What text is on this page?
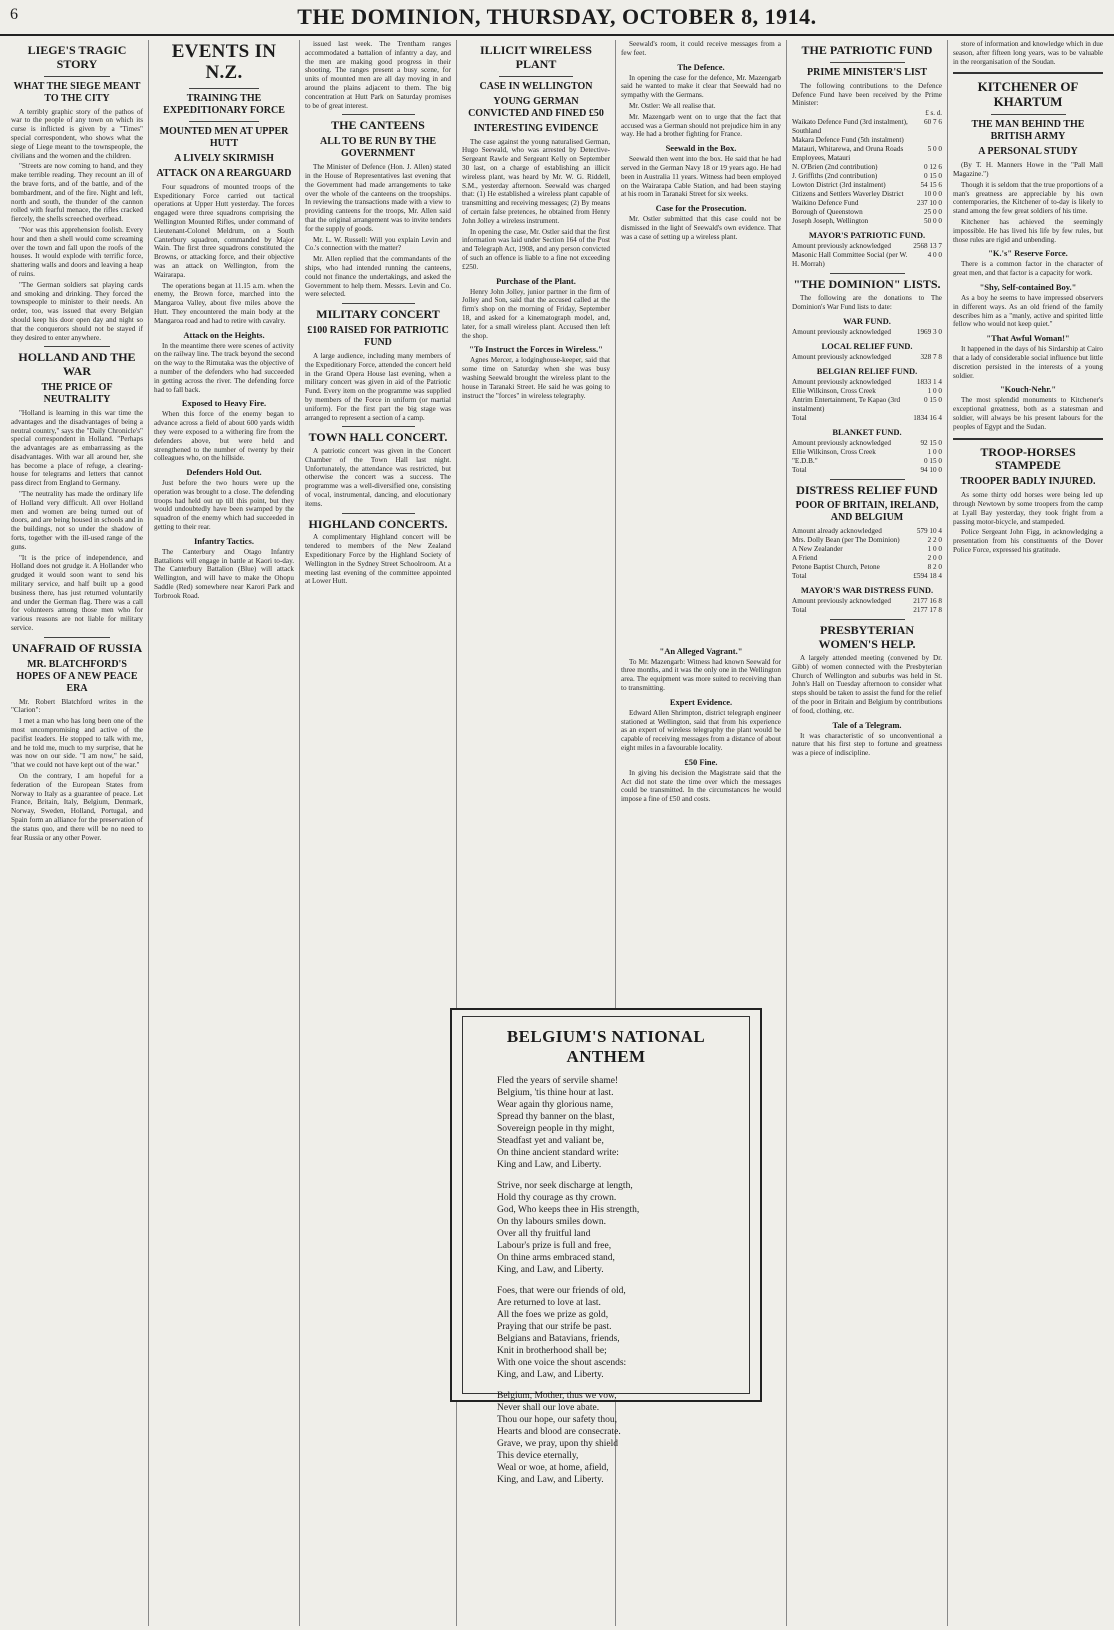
6	THE DOMINION, THURSDAY, OCTOBER 8, 1914.
LIEGE'S TRAGIC STORY
WHAT THE SIEGE MEANT TO THE CITY

A terribly graphic story of the pathos of war to the people of any town on which its curse is inflicted is given by a "Times" special correspondent, who shows what the siege of Liege meant to the townspeople, the civilians and the women and the children.

"Streets are now coming to hand, and they make terrible reading. They recount an ill of the brave forts, and of the battle, and of the bombardment, and of the fire. Night and left, north and south, the thunder of the cannon rolled with fearful menace, the rifles cracked fiercely, the shells screeched overhead.

"Nor was this apprehension foolish. Every hour and then a shell would come screaming over the town and fall upon the roofs of the houses. It would explode with terrific force, shattering walls and doors and leaving a heap of ruins.

"The German soldiers sat playing cards and smoking and drinking. They forced the townspeople to minister to their needs. An order, too, was issued that every Belgian should keep his door open day and night so that the conquerors should not be stayed if they desired to enter anywhere.

HOLLAND AND THE WAR
THE PRICE OF NEUTRALITY

"Holland is learning in this war time the advantages and the disadvantages of being a neutral country," says the "Daily Chronicle's" special correspondent in Holland. "Perhaps the advantages are as embarrassing as the disadvantages. With war all around her, she has become a place of refuge, a clearing-house for telegrams and letters that cannot pass direct from England to Germany.

"The neutrality has made the ordinary life of Holland very difficult. All over Holland men and women are being turned out of doors, and are being housed in schools and in the buildings, not so under the shadow of forts, together with the ill-used range of the guns.

"It is the price of independence, and Holland does not grudge it. A Hollander who grudged it would soon want to send his military service, and half built up a good business there, has just returned voluntarily and under the German flag. There was a call for volunteers among those men who for various reasons are not liable for military service.

UNAFRAID OF RUSSIA
MR. BLATCHFORD'S HOPES OF A NEW PEACE ERA

Mr. Robert Blatchford writes in the "Clarion":

I met a man who has long been one of the most uncompromising and active of the pacifist leaders. He stopped to talk with me, and he told me, much to my surprise, that he was now on our side. "I am now," he said, "that we could not have kept out of the war."

On the contrary, I am hopeful for a federation of the European States from Norway to Italy as a guarantee of peace. Let France, Britain, Italy, Belgium, Denmark, Norway, Sweden, Holland, Portugal, and Spain form an alliance for the preservation of the status quo, and there will be no need to fear Russia or any other Power.

EVENTS IN N.Z.
TRAINING THE EXPEDITIONARY FORCE
MOUNTED MEN AT UPPER HUTT
A LIVELY SKIRMISH
ATTACK ON A REARGUARD

Four squadrons of mounted troops of the Expeditionary Force carried out tactical operations at Upper Hutt yesterday. The forces engaged were three squadrons comprising the Wellington Mounted Rifles, under command of Lieutenant-Colonel Meldrum, on a South Canterbury squadron, commanded by Major Wain. The first three squadrons constituted the Browns, or attacking force, and their objective was an attack on Wellington, from the Wairarapa.

The operations began at 11.15 a.m. when the enemy, the Brown force, marched into the Mangaroa Valley, about five miles above the Hutt. They encountered the main body at the Mangaroa road and had to retire with cavalry.

Attack on the Heights.

In the meantime there were scenes of activity on the railway line. The track beyond the second on the way to the Rimutaka was the objective of a number of the defenders who had succeeded in getting across the river. The defending force had to fall back.

Exposed to Heavy Fire.

When this force of the enemy began to advance across a field of about 600 yards width they were exposed to a withering fire from the defenders above, but were held and strengthened to the number of twenty by their colleagues who, on the hillside.

Defenders Hold Out.

Just before the two hours were up the operation was brought to a close. The defending troops had held out up till this point, but they would undoubtedly have been swamped by the squadron of the enemy which had succeeded in getting to their rear.

Infantry Tactics.

The Canterbury and Otago Infantry Battalions will engage in battle at Kaori to-day. The Canterbury Battalion (Blue) will attack Wellington, and will have to make the Ohopu Saddle (Red) somewhere near Karori Park and Torbrook Road.

issued last week. The Trentham ranges accommodated a battalion of infantry a day, and the men are making good progress in their shooting. The ranges present a busy scene, for units of mounted men are all day moving in and around the plains adjacent to them. The big concentration at Hutt Park on Saturday promises to be of great interest.

THE CANTEENS
ALL TO BE RUN BY THE GOVERNMENT

The Minister of Defence (Hon. J. Allen) stated in the House of Representatives last evening that the Government had made arrangements to take over the whole of the canteens on the troopships. In reviewing the transactions made with a view to providing canteens for the troops, Mr. Allen said that the original arrangement was to invite tenders for the supply of goods.

Mr. L. W. Russell: Will you explain Levin and Co.'s connection with the matter?

Mr. Allen replied that the commandants of the ships, who had intended running the canteens, could not finance the undertakings, and asked the Government to help them. Messrs. Levin and Co. were selected.

MILITARY CONCERT
£100 RAISED FOR PATRIOTIC FUND

A large audience, including many members of the Expeditionary Force, attended the concert held in the Grand Opera House last evening, when a military concert was given in aid of the Patriotic Fund. Every item on the programme was supplied by members of the Force in uniform (or martial uniform). For the first part the big stage was arranged to represent a section of a camp.

TOWN HALL CONCERT.

A patriotic concert was given in the Concert Chamber of the Town Hall last night. Unfortunately, the attendance was restricted, but otherwise the concert was a success. The programme was a well-diversified one, consisting of vocal, instrumental, dancing, and elocutionary items.

HIGHLAND CONCERTS.

A complimentary Highland concert will be tendered to members of the New Zealand Expeditionary Force by the Highland Society of Wellington in the Sydney Street Schoolroom. At a meeting last evening of the committee appointed at Lower Hutt.

ILLICIT WIRELESS PLANT
CASE IN WELLINGTON
YOUNG GERMAN CONVICTED AND FINED £50
INTERESTING EVIDENCE

The case against the young naturalised German, Hugo Seewald, who was arrested by Detective-Sergeant Rawle and Sergeant Kelly on September 30 last, on a charge of establishing an illicit wireless plant, was heard by Mr. W. G. Riddell, S.M., yesterday afternoon. Seewald was charged that: (1) He established a wireless plant capable of transmitting and receiving messages; (2) By means of certain false pretences, he obtained from Henry John Jolley a wireless instrument.

In opening the case, Mr. Ostler said that the first information was laid under Section 164 of the Post and Telegraph Act, 1908, and any person convicted of such an offence is liable to a fine not exceeding £250.

Purchase of the Plant.

Henry John Jolley, junior partner in the firm of Jolley and Son, said that the accused called at the firm's shop on the morning of Friday, September 18, and asked for a kinematograph model, and, later, for a small wireless plant. Accused then left the shop.

"To Instruct the Forces in Wireless."

Agnes Mercer, a lodginghouse-keeper, said that some time on Saturday when she was busy washing Seewald brought the wireless plant to the house in Taranaki Street. He said he was going to instruct the "forces" in wireless telegraphy.

Seewald's room, it could receive messages from a few feet.

The Defence.

In opening the case for the defence, Mr. Mazengarb said he wanted to make it clear that Seewald had no sympathy with the Germans.

Mr. Ostler: We all realise that.

Mr. Mazengarb went on to urge that the fact that accused was a German should not prejudice him in any way. He had a brother fighting for France.

Seewald in the Box.

Seewald then went into the box. He said that he had served in the German Navy 18 or 19 years ago. He had been in Australia 11 years. Witness had been employed on the Wairarapa Cable Station, and had been staying at his room in Taranaki Street for six weeks.

Case for the Prosecution.

Mr. Ostler submitted that this case could not be dismissed in the light of Seewald's own evidence. That was a case of setting up a wireless plant.

"An Alleged Vagrant."

To Mr. Mazengarb: Witness had known Seewald for three months, and it was the only one in the Wellington area. The equipment was more suited to receiving than to transmitting.

Expert Evidence.

Edward Allen Shrimpton, district telegraph engineer stationed at Wellington, said that from his experience as an expert of wireless telegraphy the plant would be capable of receiving messages from a distance of about eight miles in a favourable locality.

£50 Fine.

In giving his decision the Magistrate said that the Act did not state the time over which the messages could be transmitted. In the circumstances he would impose a fine of £50 and costs.

THE PATRIOTIC FUND
PRIME MINISTER'S LIST

The following contributions to the Defence Defence Fund have been received by the Prime Minister:

£ s. d.
Waikato Defence Fund (3rd instalment), Southland	60 7 6
Makara Defence Fund (5th instalment)	
Matauri, Whitarewa, and Oruna Roads Employees, Matauri	5 0 0
N. O'Brien (2nd contribution)	0 12 6
J. Griffiths (2nd contribution)	0 15 0
Lowton District (3rd instalment)	54 15 6
Citizens and Settlers Waverley District	10 0 0
Waikino Defence Fund	237 10 0
Borough of Queenstown	25 0 0
Joseph Joseph, Wellington	50 0 0
MAYOR'S PATRIOTIC FUND.
Amount previously acknowledged	2568 13 7
Masonic Hall Committee Social (per W. H. Morrah)	4 0 0
"THE DOMINION" LISTS.

The following are the donations to The Dominion's War Fund lists to date:

WAR FUND.
Amount previously acknowledged	1969 3 0
LOCAL RELIEF FUND.
Amount previously acknowledged	328 7 8
BELGIAN RELIEF FUND.
Amount previously acknowledged	1833 1 4
Ellie Wilkinson, Cross Creek	1 0 0
Antrim Entertainment, Te Kapao (3rd instalment)	0 15 0
Total	1834 16 4
BLANKET FUND.
Amount previously acknowledged	92 15 0
Ellie Wilkinson, Cross Creek	1 0 0
"E.D.B."	0 15 0
Total	94 10 0
DISTRESS RELIEF FUND
POOR OF BRITAIN, IRELAND, AND BELGIUM
Amount already acknowledged	579 10 4
Mrs. Dolly Bean (per The Dominion)	2 2 0
A New Zealander	1 0 0
A Friend	2 0 0
Petone Baptist Church, Petone	8 2 0
Total	£594 18 4
MAYOR'S WAR DISTRESS FUND.
Amount previously acknowledged	2177 16 8
Total	2177 17 8
PRESBYTERIAN WOMEN'S HELP.

A largely attended meeting (convened by Dr. Gibb) of women connected with the Presbyterian Church of Wellington and suburbs was held in St. John's Hall on Tuesday afternoon to consider what steps should be taken to assist the fund for the relief of the poor in Britain and Belgium by contributions of food, clothing, etc.

Tale of a Telegram.

It was characteristic of so unconventional a nature that his first step to fortune and greatness was a piece of indiscipline.

store of information and knowledge which in due season, after fifteen long years, was to be valuable in the reorganisation of the Soudan.

KITCHENER OF KHARTUM
THE MAN BEHIND THE BRITISH ARMY
A PERSONAL STUDY

(By T. H. Manners Howe in the "Pall Mall Magazine.")

Though it is seldom that the true proportions of a man's greatness are appreciable by his own contemporaries, the Kitchener of to-day is likely to stand among the few great soldiers of his time.

Kitchener has achieved the seemingly impossible. He has lived his life by few rules, but those rules are rigid and unbending.

"K.'s" Reserve Force.

There is a common factor in the character of great men, and that factor is a capacity for work.

"Shy, Self-contained Boy."

As a boy he seems to have impressed observers in different ways. As an old friend of the family describes him as a "manly, active and spirited little fellow who would not keep quiet."

"That Awful Woman!"

It happened in the days of his Sirdarship at Cairo that a lady of considerable social influence but little discretion persisted in the interests of a young soldier.

"Kouch-Nehr."

The most splendid monuments to Kitchener's exceptional greatness, both as a statesman and soldier, will always be his present labours for the peoples of Egypt and the Sudan.

TROOP-HORSES STAMPEDE
TROOPER BADLY INJURED.

As some thirty odd horses were being led up through Newtown by some troopers from the camp at Lyall Bay yesterday, they took fright from a passing motor-bicycle, and stampeded.

Police Sergeant John Figg, in acknowledging a presentation from his constituents of the Dover Police Force, expressed his gratitude.

BELGIUM'S NATIONAL ANTHEM
Fled the years of servile shame!
Belgium, 'tis thine hour at last.
Wear again thy glorious name,
Spread thy banner on the blast,
Sovereign people in thy might,
Steadfast yet and valiant be,
On thine ancient standard write:
King and Law, and Liberty.
Strive, nor seek discharge at length,
Hold thy courage as thy crown.
God, Who keeps thee in His strength,
On thy labours smiles down.
Over all thy fruitful land
Labour's prize is full and free,
On thine arms embraced stand,
King, and Law, and Liberty.
Foes, that were our friends of old,
Are returned to love at last.
All the foes we prize as gold,
Praying that our strife be past.
Belgians and Batavians, friends,
Knit in brotherhood shall be;
With one voice the shout ascends:
King, and Law, and Liberty.
Belgium, Mother, thus we vow,
Never shall our love abate.
Thou our hope, our safety thou,
Hearts and blood are consecrate.
Grave, we pray, upon thy shield
This device eternally,
Weal or woe, at home, afield,
King, and Law, and Liberty.
